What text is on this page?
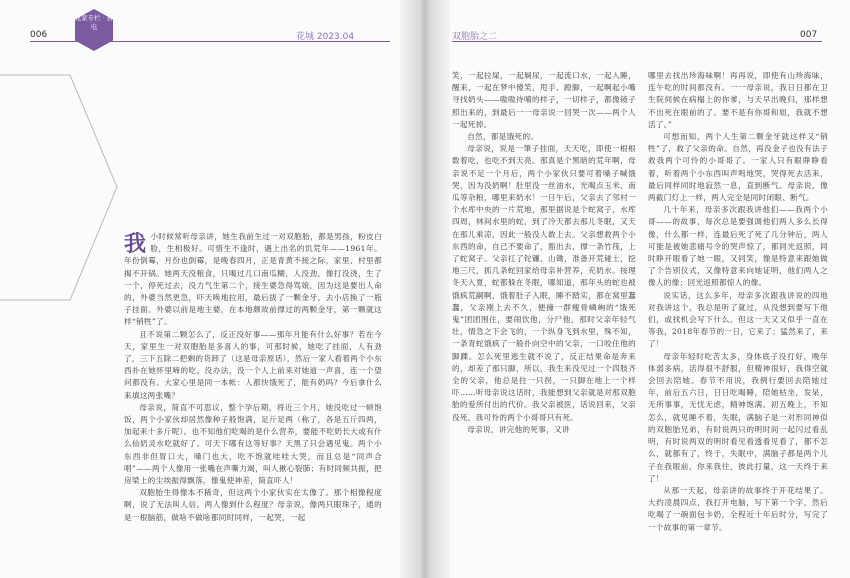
006
龙家专栏 · 拼电
花城 2023.04

我小时候常听母亲讲，她生我前生过一对双胞胎，都是男孩，粉皮白脸，生相极好。可惜生不逢时，遇上出名的饥荒年——1961年。年份倒霉，月份也倒霉，是晚春四月，正是青黄不接之际，家里、村里都揭不开锅。她两天没粮食，只喝过几口南瓜糊，人没劲，像打没浇，生了一个，停死过去，没力气生第二个，接生婆急得骂娘，因为这是要出人命的，外婆当然更急，吓天唤地拉用，最后拔了一颗金牙，去小店换了一瓶子挂面。外婆以前是地主婆，在本地颇故前撑过的两颗金牙，第一颗就这样“销牲”了。

且不说第二颗怎么了，反正没好事——那年月能有什么好事？若在今天，家里生一对双胞胎是多喜人的事，可那时候，她吃了挂面，人有劲了，三下五除二把剩的货卸了（这是母亲原话），然后一家人看着两个小东西扑在她怀里啼的吃，没办法，没一个人上前来对她道一声喜，连一个望问都没有。大家心里是同一本帐：人都快饿死了，能有奶吗？今后拿什么来填这两张嘴？

母亲说，简直不可思议，整个孕后期，将近三个月，她没吃过一顿饱饭，两个小家伙却居然像种子般饱满，足斤足两（称了，各是五斤四两，加起来十多斤呢）。也不知他们吃喝的是什么营养，要能不吃奶长大或有什么仙奶灵水吃就好了。可天下哪有这等好事？天黑了只会遇见鬼。两个小东西非但胃口大，嗓门也大，吃不饱就哇哇大哭，而且总是“同声合唱”——两个人像用一张嘴在声嘶力竭，叫人揪心裂肺；有时同频共振，把房梁上的尘埃振得飘落，像鬼使神差，简直吓人！

双胞胎生得像本不稀奇，但这两个小家伙实在太像了。那个相像程度啊，说了无法叫人信。两人像到什么程度？母亲说，像两只眼珠子，通的是一根脑筋，做啥不做啥都同时同样，一起哭，一起

双胞胎之二	007

笑，一起拉屎，一起屙尿，一起流口水，一起入睡，醒来，一起在梦中傻笑，甩手、蹬脚，一起啊起小嘴寻找奶头——嗷嗷待哺的样子，一切样子，都像镜子照出来的，到最后一一母亲说一回哭一次——两个人一起死掉。

自然，都是饿死的。

母亲说，说是一筆子挂面，天天吃，即使一根根数着吃，也吃不到天亮。那真是个黑暗的荒年啊，母亲说不足一个月后，两个小家伙只要可着嗓子喊饿哭，因为没奶啊！肚里没一丝油水，光喝点玉米、南瓜等杂粮，哪里来奶水！一日午后，父亲去了邻村一个水库中央的一片荒地，那里据说是个蛇窝子，水库四周，林间水里的蛇，到了冷天都去那儿冬眠，又天在那儿乘凉，因此一般没人敢上去。父亲想救两个小东西的命，自己不要命了，豁出去，撑一条竹筏，上了蛇窝子。父亲扛了铊镰、山锄，准备开荒碰土，挖地三尺，抓几条蛇回家给母亲补营养，充奶水。按理冬天入夏，蛇都躲在冬眠，哪知道，那年头的蛇也被饿疯荒嗣啊，饿着肚子入眠，睡不踏实，都在窝里蠢蠢，父亲刚上去不久，便撞一群瘦骨嶙峋的“饿死鬼”团团围住，要闹饮他，分尸他，那时父亲年轻气壮，情急之下会飞的，一个纵身飞到水里，殊不知，一条青蛇饿疯了一般扑向空中的父亲，一口咬住他的脚踝。怎么死里逃生就不说了，反正结果命是奔来的，却差了那只脚，所以，我生来没见过一个四肢齐全的父亲，他总是拄一只拐，一只脚在地上一个样吓……听母亲说这话时，我能想到父亲就是对那双胞胎的爱所付出的代价。我父亲被医，话说回来，父亲没死，我可怜的两个小哥哥只有死。

母亲说，讲完他的死事，又讲

哪里去找出珍海味啊！再再说，即使有山珍海味，连午吃的时间都没有。一一母亲说，我日日都在卫生院伺候在病榻上的你爹，与天早出晚归，那样想不出死在眼前的了。要不是有你哥和姐，我就不想活了。”

可想而知，两个人生第二颗金牙就这样又“销牲”了，救了父亲的命。自然，再没金子也没有法子救我两个可怜的小哥哥了。一家人只有眼睁睁看着，听着两个小东西叫声鸣地哭，哭得死去活来，最后同样同时地寂然一息，直到断气。母亲说，像两截门灯上一样，两人完全是同时闭眼、断气。

几十年来，母亲多次跟我讲他们——我两个小哥——的故事，每次总是要强调他们两人多么长得像，什么都一样，连最后死了死了几分钟后，两人可能是被她悲痛号令的哭声惊了，都同光返照，同时睁开眼看了她一眼，又同笑，像是特意来跟她做了个告别仪式，又像特意来向她证明，他们两人之像人的像；回光返照都惊人的像。

说实话，这么多年，母亲多次跟我讲说的四地对我讲这个，我总是听了就过，从没想到要写下他们，或找机会写下什么。但这一天又又似乎一直在等我，2018年春节的一日，它来了；猛然来了，来了！

母亲年轻时吃苦太多，身体底子没打好，晚年体弱多病，活得很不舒服，但精神很好，我得空就会回去陪她。春节不用说，我例行要回去陪她过年，前后五六日，日日吃喝睡，陪她枯坐，发呆，无所事事，无忧无虑，精神饱满。初五晚上，不知怎么，就见睡不着，失眠，满脑子是一对形同神似的双胞胎兄弟，有时说两只的明时间一起闪过看乱明，有时说两双的明时看见看透看见看了，都不怎么，就都有了，终于，失眠中，满脑子都是两个儿子在我眼前，你来我往，彼此打量，这一天终于来了！

从那一天起，母亲讲的故事终于开花结果了。大约凌晨四点，我打开电脑，写下第一个字，然后吃喝了一碗面包卡奶，全程近十年后时分，写完了一个故事的第一章节。
